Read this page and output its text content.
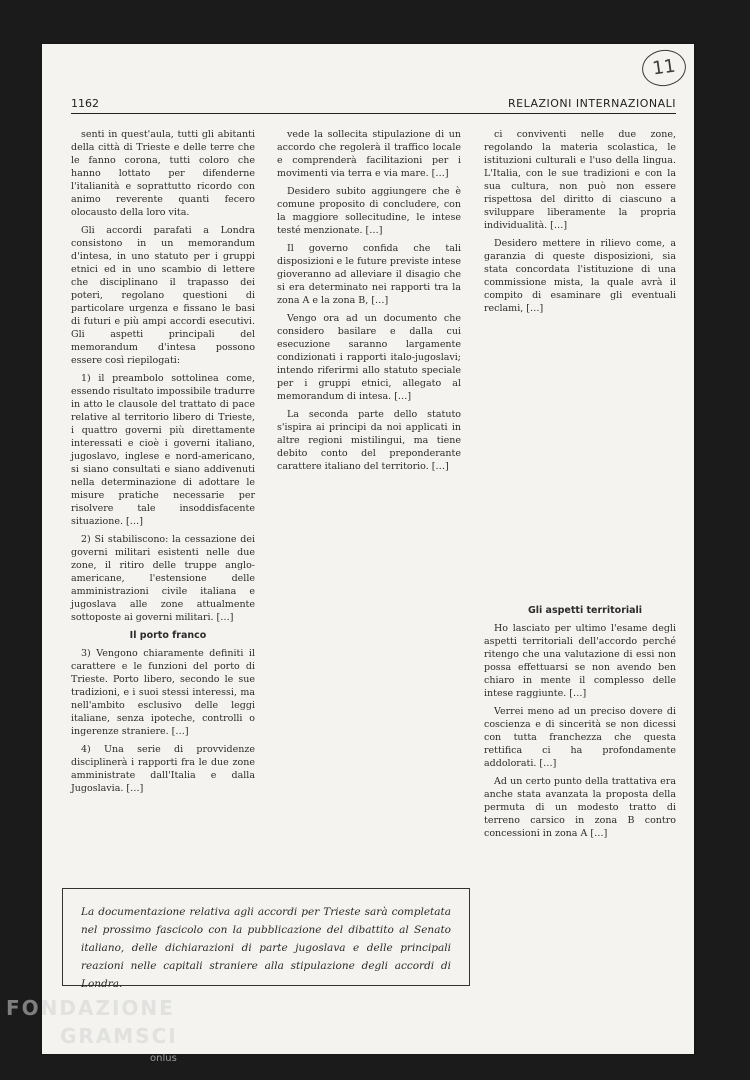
11
1162	RELAZIONI INTERNAZIONALI

senti in quest'aula, tutti gli abitanti della città di Trieste e delle terre che le fanno corona, tutti coloro che hanno lottato per difenderne l'italianità e soprattutto ricordo con animo reverente quanti fecero olocausto della loro vita.

Gli accordi parafati a Londra consistono in un memorandum d'intesa, in uno statuto per i gruppi etnici ed in uno scambio di lettere che disciplinano il trapasso dei poteri, regolano questioni di particolare urgenza e fissano le basi di futuri e più ampi accordi esecutivi. Gli aspetti principali del memorandum d'intesa possono essere così riepilogati:

1) il preambolo sottolinea come, essendo risultato impossibile tradurre in atto le clausole del trattato di pace relative al territorio libero di Trieste, i quattro governi più direttamente interessati e cioè i governi italiano, jugoslavo, inglese e nord-americano, si siano consultati e siano addivenuti nella determinazione di adottare le misure pratiche necessarie per risolvere tale insoddisfacente situazione. […]

2) Si stabiliscono: la cessazione dei governi militari esistenti nelle due zone, il ritiro delle truppe anglo-americane, l'estensione delle amministrazioni civile italiana e jugoslava alle zone attualmente sottoposte ai governi militari. […]

Il porto franco

3) Vengono chiaramente definiti il carattere e le funzioni del porto di Trieste. Porto libero, secondo le sue tradizioni, e i suoi stessi interessi, ma nell'ambito esclusivo delle leggi italiane, senza ipoteche, controlli o ingerenze straniere. […]

4) Una serie di provvidenze disciplinerà i rapporti fra le due zone amministrate dall'Italia e dalla Jugoslavia. […]

vede la sollecita stipulazione di un accordo che regolerà il traffico locale e comprenderà facilitazioni per i movimenti via terra e via mare. […]

Desidero subito aggiungere che è comune proposito di concludere, con la maggiore sollecitudine, le intese testé menzionate. […]

Il governo confida che tali disposizioni e le future previste intese gioveranno ad alleviare il disagio che si era determinato nei rapporti tra la zona A e la zona B, […]

Vengo ora ad un documento che considero basilare e dalla cui esecuzione saranno largamente condizionati i rapporti italo-jugoslavi; intendo riferirmi allo statuto speciale per i gruppi etnici, allegato al memorandum di intesa. […]

La seconda parte dello statuto s'ispira ai principi da noi applicati in altre regioni mistilingui, ma tiene debito conto del preponderante carattere italiano del territorio. […]

ci conviventi nelle due zone, regolando la materia scolastica, le istituzioni culturali e l'uso della lingua. L'Italia, con le sue tradizioni e con la sua cultura, non può non essere rispettosa del diritto di ciascuno a sviluppare liberamente la propria individualità. […]

Desidero mettere in rilievo come, a garanzia di queste disposizioni, sia stata concordata l'istituzione di una commissione mista, la quale avrà il compito di esaminare gli eventuali reclami, […]

Gli aspetti territoriali

Ho lasciato per ultimo l'esame degli aspetti territoriali dell'accordo perché ritengo che una valutazione di essi non possa effettuarsi se non avendo ben chiaro in mente il complesso delle intese raggiunte. […]

Verrei meno ad un preciso dovere di coscienza e di sincerità se non dicessi con tutta franchezza che questa rettifica ci ha profondamente addolorati. […]

Ad un certo punto della trattativa era anche stata avanzata la proposta della permuta di un modesto tratto di terreno carsico in zona B contro concessioni in zona A […]

La documentazione relativa agli accordi per Trieste sarà completata nel prossimo fascicolo con la pubblicazione del dibattito al Senato italiano, delle dichiarazioni di parte jugoslava e delle principali reazioni nelle capitali straniere alla stipulazione degli accordi di Londra.
FONDAZIONE
GRAMSCI
onlus
